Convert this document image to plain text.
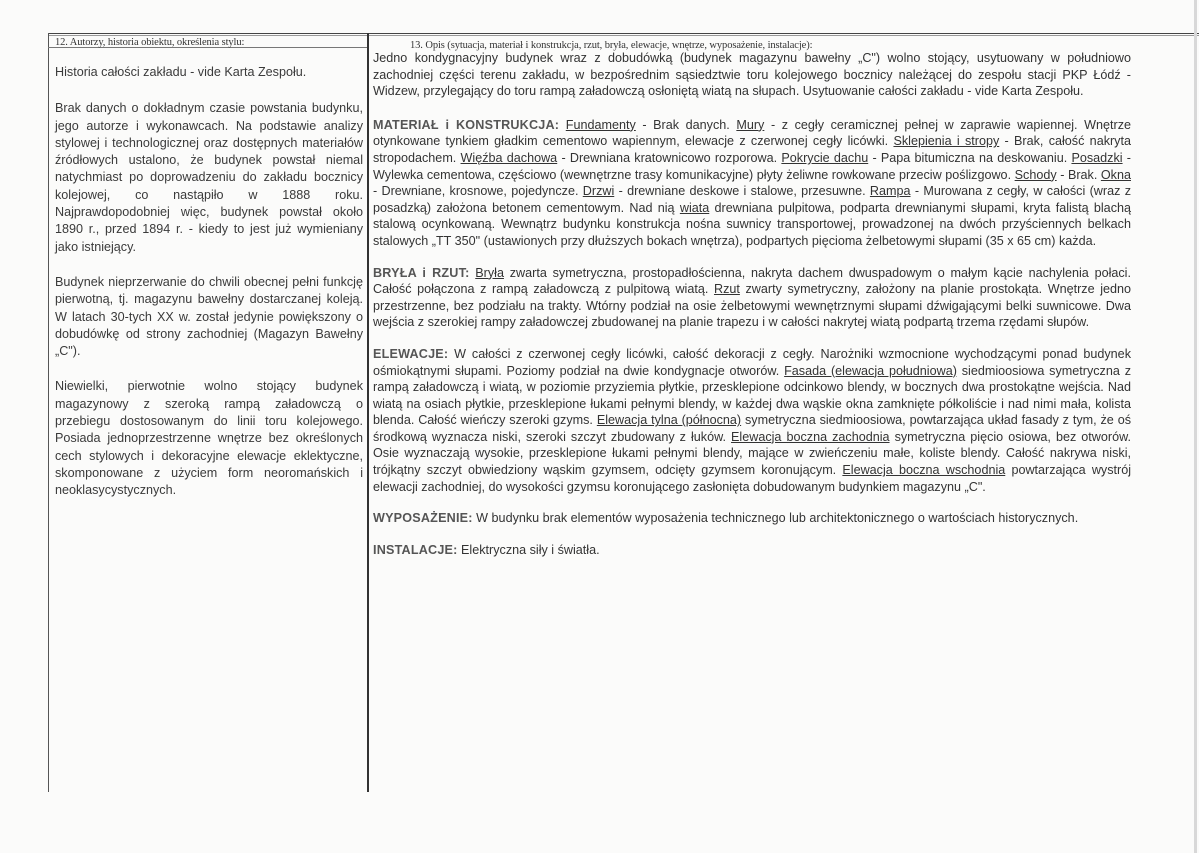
12. Autorzy, historia obiektu, określenia stylu:	13. Opis (sytuacja, materiał i konstrukcja, rzut, bryła, elewacje, wnętrze, wyposażenie, instalacje):

Historia całości zakładu - vide Karta Zespołu.

Brak danych o dokładnym czasie powstania budynku, jego autorze i wykonawcach. Na podstawie analizy stylowej i technologicznej oraz dostępnych materiałów źródłowych ustalono, że budynek powstał niemal natychmiast po doprowadzeniu do zakładu bocznicy kolejowej, co nastąpiło w 1888 roku. Najprawdopodobniej więc, budynek powstał około 1890 r., przed 1894 r. - kiedy to jest już wymieniany jako istniejący.

Budynek nieprzerwanie do chwili obecnej pełni funkcję pierwotną, tj. magazynu bawełny dostarczanej koleją. W latach 30-tych XX w. został jedynie powiększony o dobudówkę od strony zachodniej (Magazyn Bawełny „C").

Niewielki, pierwotnie wolno stojący budynek magazynowy z szeroką rampą załadowczą o przebiegu dostosowanym do linii toru kolejowego. Posiada jednoprzestrzenne wnętrze bez określonych cech stylowych i dekoracyjne elewacje eklektyczne, skomponowane z użyciem form neoromańskich i neoklasycystycznych.

Jedno kondygnacyjny budynek wraz z dobudówką (budynek magazynu bawełny „C") wolno stojący, usytuowany w południowo zachodniej części terenu zakładu, w bezpośrednim sąsiedztwie toru kolejowego bocznicy należącej do zespołu stacji PKP Łódź - Widzew, przylegający do toru rampą załadowczą osłoniętą wiatą na słupach. Usytuowanie całości zakładu - vide Karta Zespołu.

MATERIAŁ i KONSTRUKCJA: Fundamenty - Brak danych. Mury - z cegły ceramicznej pełnej w zaprawie wapiennej. Wnętrze otynkowane tynkiem gładkim cementowo wapiennym, elewacje z czerwonej cegły licówki. Sklepienia i stropy - Brak, całość nakryta stropodachem. Więźba dachowa - Drewniana kratownicowo rozporowa. Pokrycie dachu - Papa bitumiczna na deskowaniu. Posadzki - Wylewka cementowa, częściowo (wewnętrzne trasy komunikacyjne) płyty żeliwne rowkowane przeciw poślizgowo. Schody - Brak. Okna - Drewniane, krosnowe, pojedyncze. Drzwi - drewniane deskowe i stalowe, przesuwne. Rampa - Murowana z cegły, w całości (wraz z posadzką) założona betonem cementowym. Nad nią wiata drewniana pulpitowa, podparta drewnianymi słupami, kryta falistą blachą stalową ocynkowaną. Wewnątrz budynku konstrukcja nośna suwnicy transportowej, prowadzonej na dwóch przyściennych belkach stalowych „TT 350" (ustawionych przy dłuższych bokach wnętrza), podpartych pięcioma żelbetowymi słupami (35 x 65 cm) każda.

BRYŁA i RZUT: Bryła zwarta symetryczna, prostopadłościenna, nakryta dachem dwuspadowym o małym kącie nachylenia połaci. Całość połączona z rampą załadowczą z pulpitową wiatą. Rzut zwarty symetryczny, założony na planie prostokąta. Wnętrze jedno przestrzenne, bez podziału na trakty. Wtórny podział na osie żelbetowymi wewnętrznymi słupami dźwigającymi belki suwnicowe. Dwa wejścia z szerokiej rampy załadowczej zbudowanej na planie trapezu i w całości nakrytej wiatą podpartą trzema rzędami słupów.

ELEWACJE: W całości z czerwonej cegły licówki, całość dekoracji z cegły. Narożniki wzmocnione wychodzącymi ponad budynek ośmiokątnymi słupami. Poziomy podział na dwie kondygnacje otworów. Fasada (elewacja południowa) siedmioosiowa symetryczna z rampą załadowczą i wiatą, w poziomie przyziemia płytkie, przesklepione odcinkowo blendy, w bocznych dwa prostokątne wejścia. Nad wiatą na osiach płytkie, przesklepione łukami pełnymi blendy, w każdej dwa wąskie okna zamknięte półkoliście i nad nimi mała, kolista blenda. Całość wieńczy szeroki gzyms. Elewacja tylna (północna) symetryczna siedmioosiowa, powtarzająca układ fasady z tym, że oś środkową wyznacza niski, szeroki szczyt zbudowany z łuków. Elewacja boczna zachodnia symetryczna pięcio osiowa, bez otworów. Osie wyznaczają wysokie, przesklepione łukami pełnymi blendy, mające w zwieńczeniu małe, koliste blendy. Całość nakrywa niski, trójkątny szczyt obwiedziony wąskim gzymsem, odcięty gzymsem koronującym. Elewacja boczna wschodnia powtarzająca wystrój elewacji zachodniej, do wysokości gzymsu koronującego zasłonięta dobudowanym budynkiem magazynu „C".

WYPOSAŻENIE: W budynku brak elementów wyposażenia technicznego lub architektonicznego o wartościach historycznych.

INSTALACJE: Elektryczna siły i światła.
